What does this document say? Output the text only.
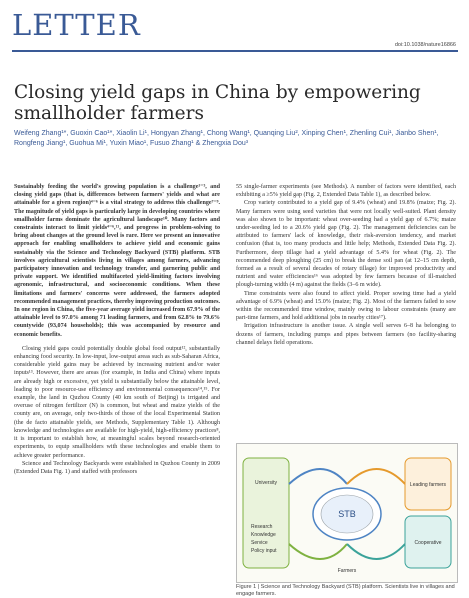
LETTER
doi:10.1038/nature16866
Closing yield gaps in China by empowering smallholder farmers
Weifeng Zhang¹*, Guoxin Cao¹*, Xiaolin Li¹, Hongyan Zhang¹, Chong Wang¹, Quanqing Liu², Xinping Chen¹, Zhenling Cui¹, Jianbo Shen¹, Rongfeng Jiang¹, Guohua Mi¹, Yuxin Miao¹, Fusuo Zhang¹ & Zhengxia Dou³
Sustainably feeding the world's growing population is a challenge¹⁻³, and closing yield gaps (that is, differences between farmers' yields and what are attainable for a given region)⁴⁻⁶ is a vital strategy to address this challenge⁷⁻⁹. The magnitude of yield gaps is particularly large in developing countries where smallholder farms dominate the agricultural landscape¹⁰. Many factors and constraints interact to limit yields⁴⁻⁶,¹¹, and progress in problem-solving to bring about changes at the ground level is rare. Here we present an innovative approach for enabling smallholders to achieve yield and economic gains sustainably via the Science and Technology Backyard (STB) platform. STB involves agricultural scientists living in villages among farmers, advancing participatory innovation and technology transfer, and garnering public and private support. We identified multifaceted yield-limiting factors involving agronomic, infrastructural, and socioeconomic conditions. When these limitations and farmers' concerns were addressed, the farmers adopted recommended management practices, thereby improving production outcomes. In one region in China, the five-year average yield increased from 67.9% of the attainable level to 97.0% among 71 leading farmers, and from 62.8% to 79.6% countywide (93,074 households); this was accompanied by resource and economic benefits.
Closing yield gaps could potentially double global food output¹², substantially enhancing food security. In low-input, low-output areas such as sub-Saharan Africa, considerable yield gains may be achieved by increasing nutrient and/or water inputs¹³. However, there are areas (for example, in India and China) where inputs are already high or excessive, yet yield is substantially below the attainable level, leading to poor resource-use efficiency and environmental consequences¹⁴,¹⁵. For example, the land in Quzhou County (40 km south of Beijing) is irrigated and overuse of nitrogen fertilizer (N) is common, but wheat and maize yields of the county are, on average, only two-thirds of those of the local Experimental Station (the de facto attainable yields, see Methods, Supplementary Table 1). Although knowledge and technologies are available for high-yield, high-efficiency practices⁸, it is important to establish how, at meaningful scales beyond research-oriented experiments, to equip smallholders with these technologies and enable them to achieve greater performance.
Science and Technology Backyards were established in Quzhou County in 2009 (Extended Data Fig. 1) and staffed with professors
55 single-farmer experiments (see Methods). A number of factors were identified, each exhibiting a ≥5% yield gap (Fig. 2, Extended Data Table 1), as described below.
Crop variety contributed to a yield gap of 9.4% (wheat) and 19.8% (maize; Fig. 2). Many farmers were using seed varieties that were not locally well-suited. Plant density was also shown to be important: wheat over-seeding had a yield gap of 6.7%; maize under-seeding led to a 20.6% yield gap (Fig. 2). The management deficiencies can be attributed to farmers' lack of knowledge, their risk-aversion tendency, and market confusion (that is, too many products and little help; Methods, Extended Data Fig. 2). Furthermore, deep tillage had a yield advantage of 5.4% for wheat (Fig. 2). The recommended deep ploughing (25 cm) to break the dense soil pan (at 12–15 cm depth, formed as a result of several decades of rotary tillage) for improved productivity and nutrient and water efficiencies¹⁶ was adopted by few farmers because of ill-matched plough-turning width (4 m) against the fields (3–6 m wide).
Time constraints were also found to affect yield. Proper sowing time had a yield advantage of 6.9% (wheat) and 15.0% (maize; Fig. 2). Most of the farmers failed to sow within the recommended time window, mainly owing to labour constraints (many are part-time farmers, and hold additional jobs in nearby cities¹⁷).
Irrigation infrastructure is another issue. A single well serves 6–8 ha belonging to dozens of farmers, including pumps and pipes between farmers (no facility-sharing channel delays field operations.
University
Research
Knowledge
Service
Policy input
STB
Leading farmers
Cooperative
Farmers
Figure 1 | Science and Technology Backyard (STB) platform. Scientists live in villages and engage farmers.
